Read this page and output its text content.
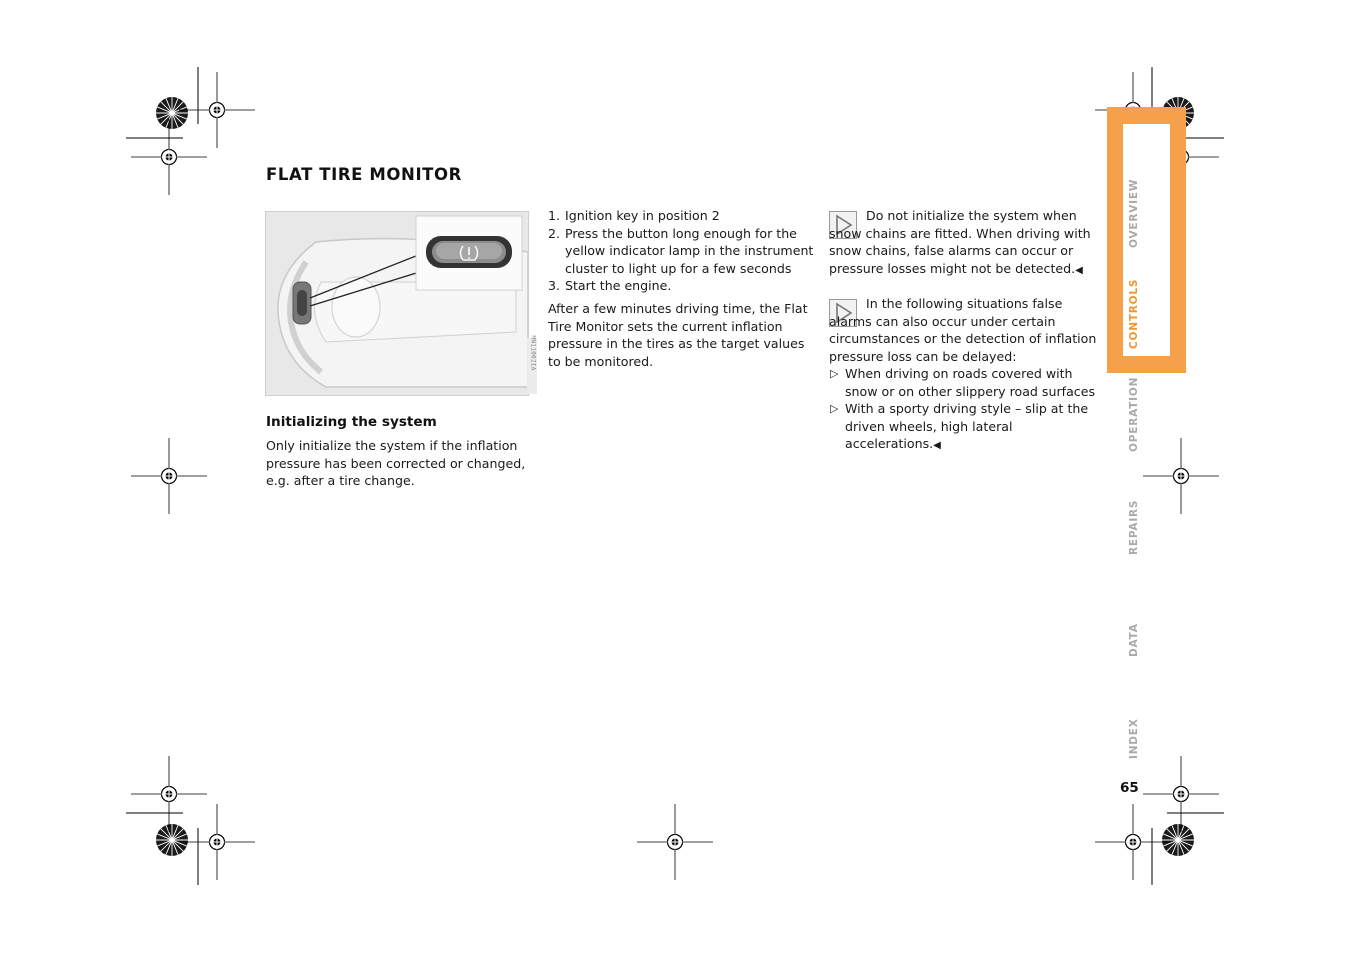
FLAT TIRE MONITOR
MN11002IA
Initializing the system

Only initialize the system if the inflation pressure has been corrected or changed, e.g. after a tire change.

1. Ignition key in position 2
2. Press the button long enough for the yellow indicator lamp in the instrument cluster to light up for a few seconds
3. Start the engine.

After a few minutes driving time, the Flat Tire Monitor sets the current inflation pressure in the tires as the target values to be monitored.

Do not initialize the system when snow chains are fitted. When driving with snow chains, false alarms can occur or pressure losses might not be detected.◀

In the following situations false alarms can also occur under certain circumstances or the detection of inflation pressure loss can be delayed:

▷ When driving on roads covered with snow or on other slippery road surfaces
▷ With a sporty driving style – slip at the driven wheels, high lateral accelerations.◀
OVERVIEW
CONTROLS
OPERATION
REPAIRS
DATA
INDEX
65
